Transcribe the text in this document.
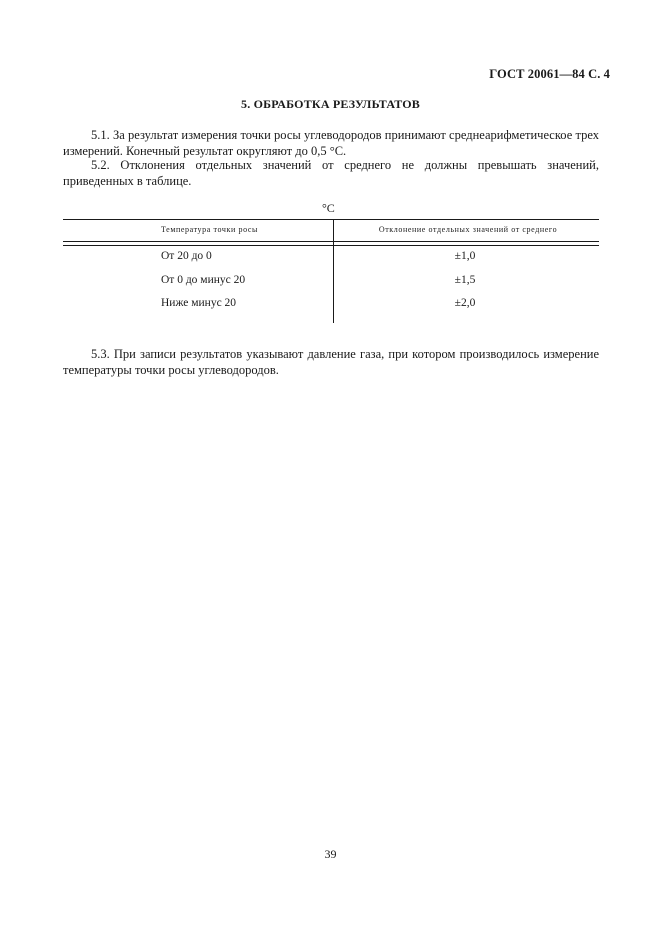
ГОСТ 20061—84 С. 4
5. ОБРАБОТКА РЕЗУЛЬТАТОВ

5.1. За результат измерения точки росы углеводородов принимают среднеарифметическое трех измерений. Конечный результат округляют до 0,5 °С.

5.2. Отклонения отдельных значений от среднего не должны превышать значений, приведенных в таблице.

°С
Температура точки росы	Отклонение отдельных значений от среднего
От 20 до 0	±1,0
От 0 до минус 20	±1,5
Ниже минус 20	±2,0

5.3. При записи результатов указывают давление газа, при котором производилось измерение температуры точки росы углеводородов.

39
